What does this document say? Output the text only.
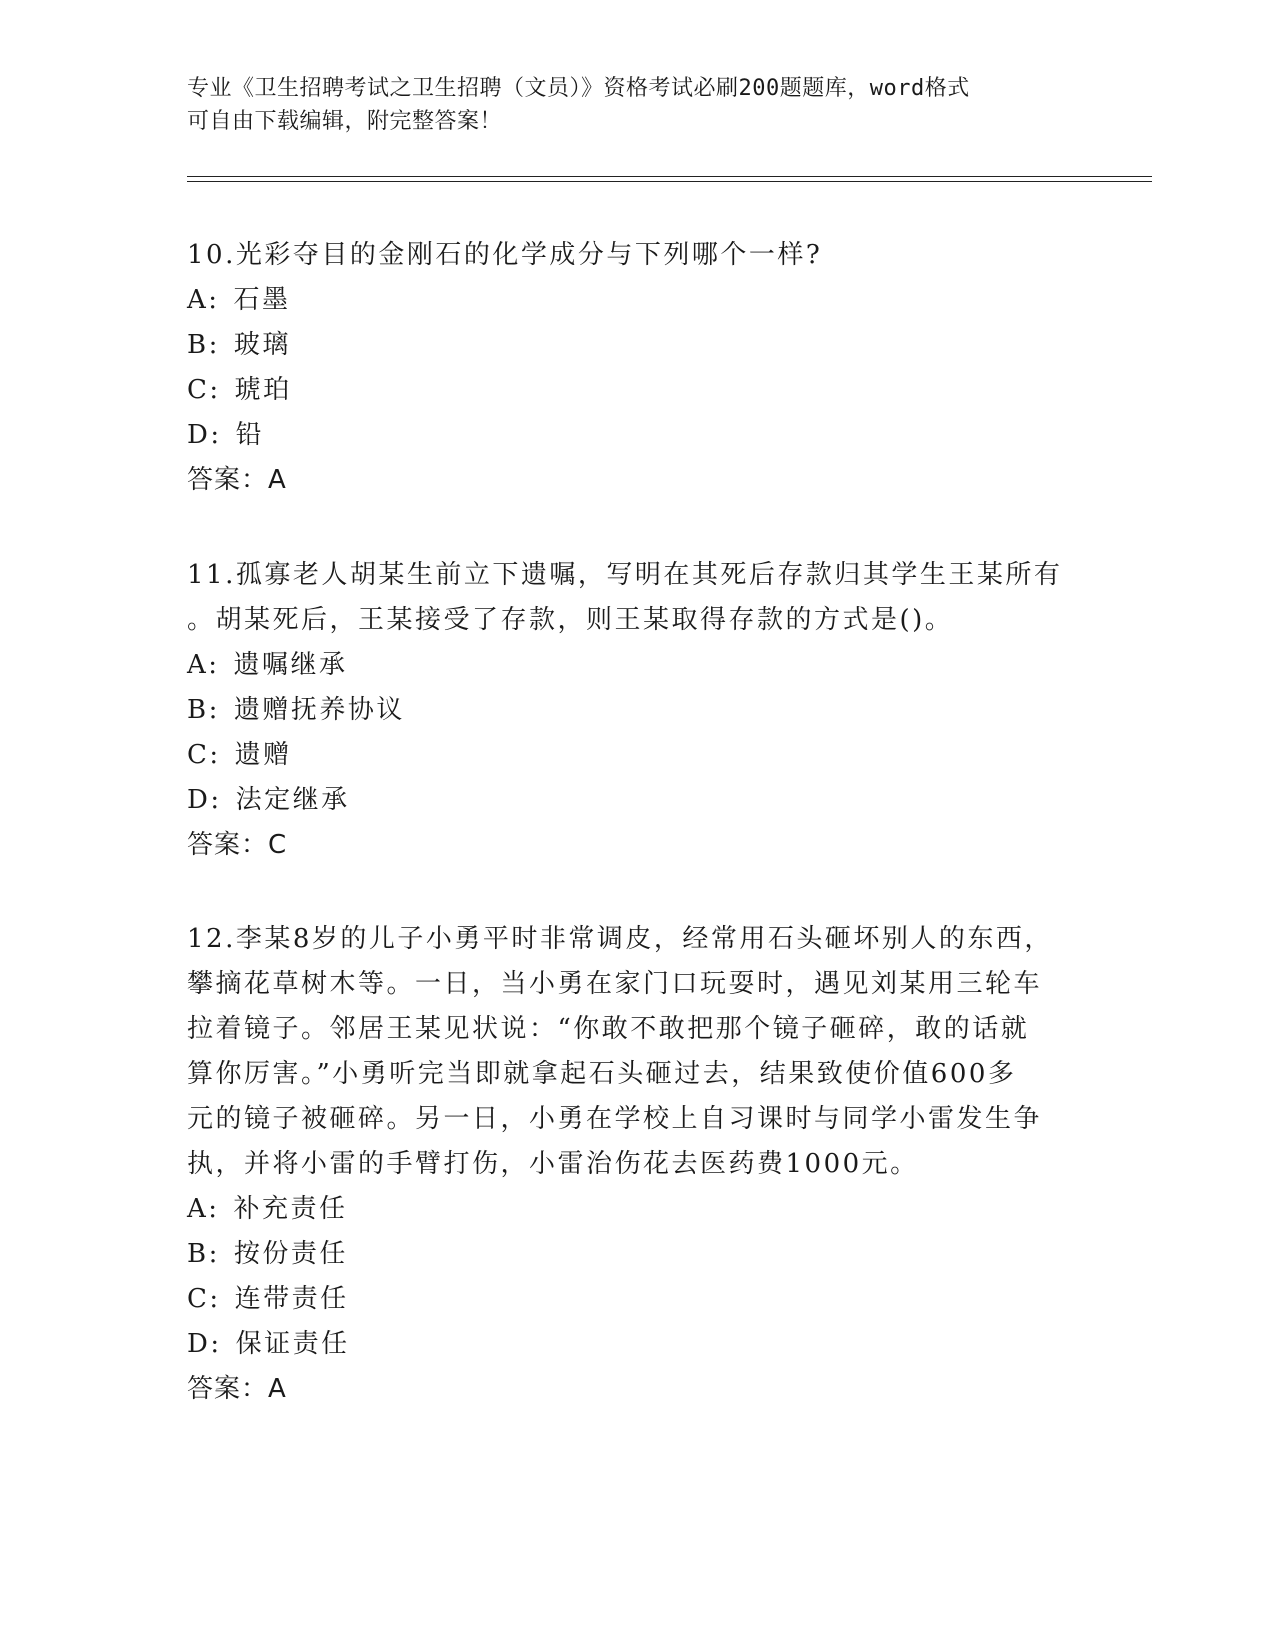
专业《卫生招聘考试之卫生招聘（文员）》资格考试必刷200题题库，word格式
可自由下载编辑，附完整答案！

10.光彩夺目的金刚石的化学成分与下列哪个一样?

A: 石墨

B: 玻璃

C: 琥珀

D: 铅

答案：A

11.孤寡老人胡某生前立下遗嘱，写明在其死后存款归其学生王某所有

。胡某死后，王某接受了存款，则王某取得存款的方式是()。

A: 遗嘱继承

B: 遗赠抚养协议

C: 遗赠

D: 法定继承

答案：C

12.李某8岁的儿子小勇平时非常调皮，经常用石头砸坏别人的东西，

攀摘花草树木等。一日，当小勇在家门口玩耍时，遇见刘某用三轮车

拉着镜子。邻居王某见状说：“你敢不敢把那个镜子砸碎，敢的话就

算你厉害。”小勇听完当即就拿起石头砸过去，结果致使价值600多

元的镜子被砸碎。另一日，小勇在学校上自习课时与同学小雷发生争

执，并将小雷的手臂打伤，小雷治伤花去医药费1000元。

A: 补充责任

B: 按份责任

C: 连带责任

D: 保证责任

答案：A
